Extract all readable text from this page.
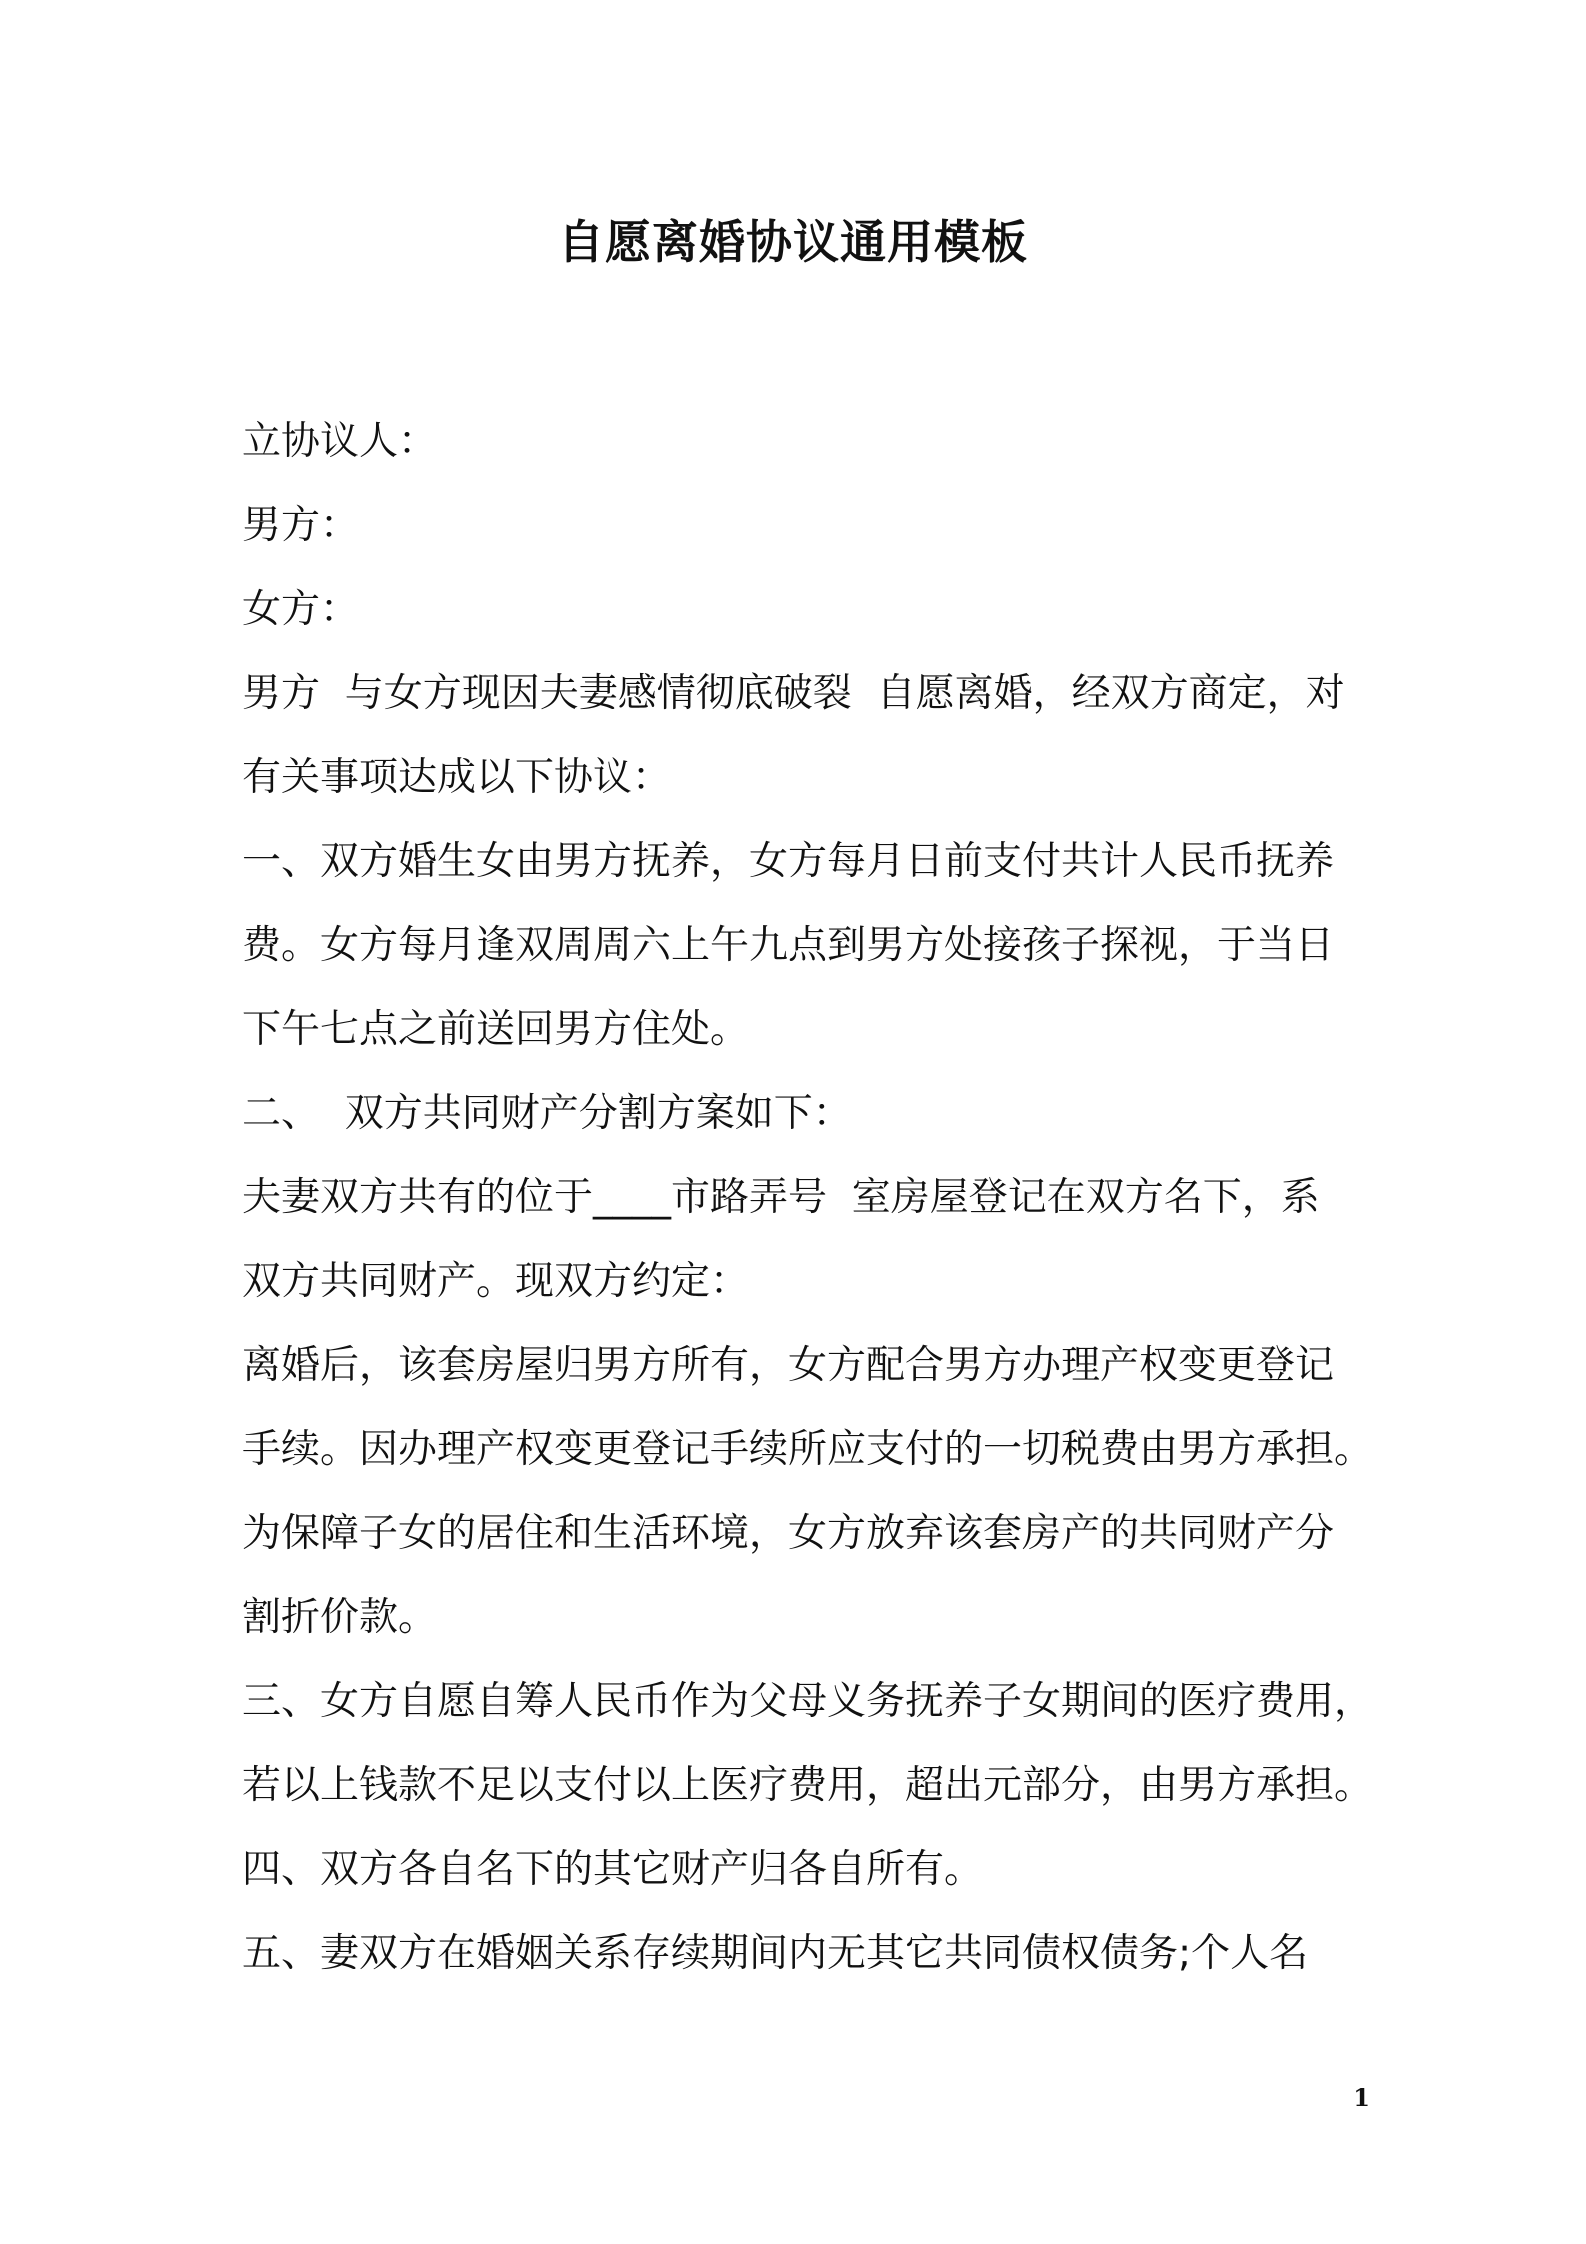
自愿离婚协议通用模板
立协议人：
男方：
女方：
男方  与女方现因夫妻感情彻底破裂  自愿离婚，经双方商定，对
有关事项达成以下协议：
一、双方婚生女由男方抚养，女方每月日前支付共计人民币抚养
费。女方每月逢双周周六上午九点到男方处接孩子探视，于当日
下午七点之前送回男方住处。
二、  双方共同财产分割方案如下：
夫妻双方共有的位于____市路弄号  室房屋登记在双方名下，系
双方共同财产。现双方约定：
离婚后，该套房屋归男方所有，女方配合男方办理产权变更登记
手续。因办理产权变更登记手续所应支付的一切税费由男方承担。
为保障子女的居住和生活环境，女方放弃该套房产的共同财产分
割折价款。
三、女方自愿自筹人民币作为父母义务抚养子女期间的医疗费用，
若以上钱款不足以支付以上医疗费用，超出元部分，由男方承担。
四、双方各自名下的其它财产归各自所有。
五、妻双方在婚姻关系存续期间内无其它共同债权债务;个人名
1
